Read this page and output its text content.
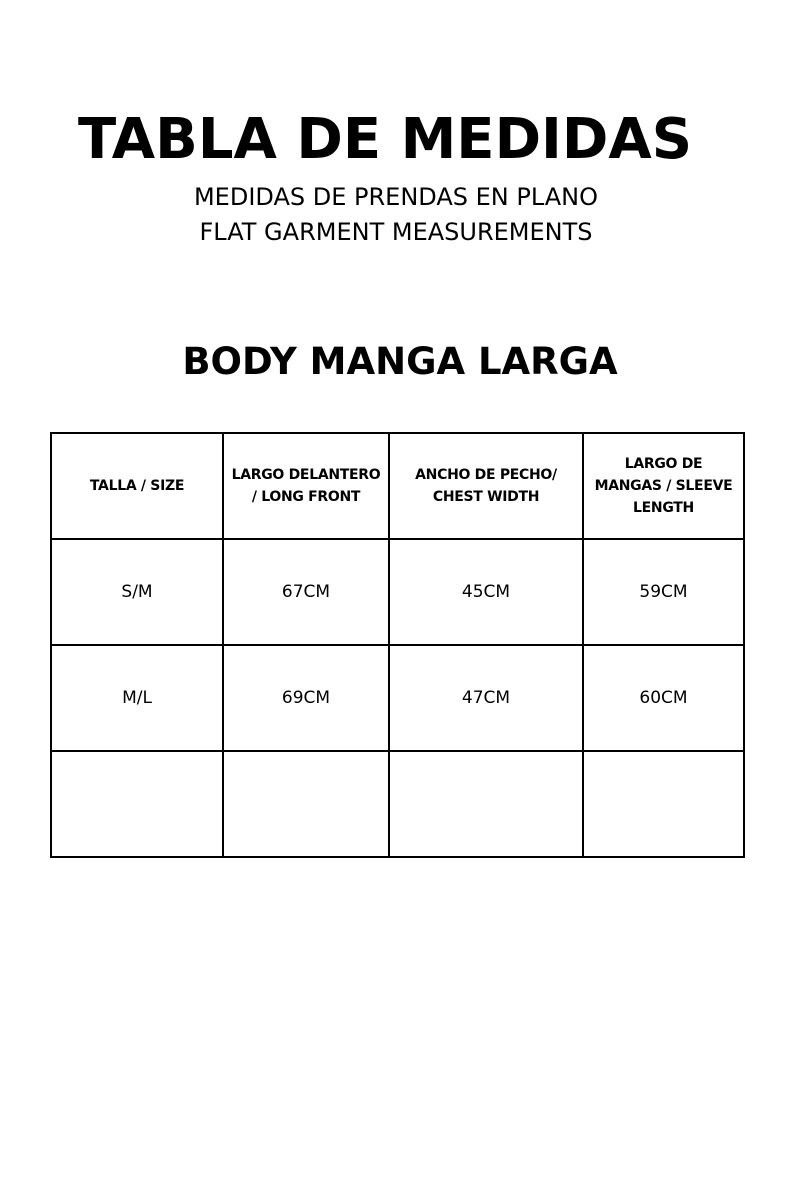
TABLA DE MEDIDAS

MEDIDAS DE PRENDAS EN PLANO

FLAT GARMENT MEASUREMENTS

BODY MANGA LARGA
TALLA / SIZE	LARGO DELANTERO / LONG FRONT	ANCHO DE PECHO/ CHEST WIDTH	LARGO DE MANGAS / SLEEVE LENGTH
S/M	67CM	45CM	59CM
M/L	69CM	47CM	60CM
